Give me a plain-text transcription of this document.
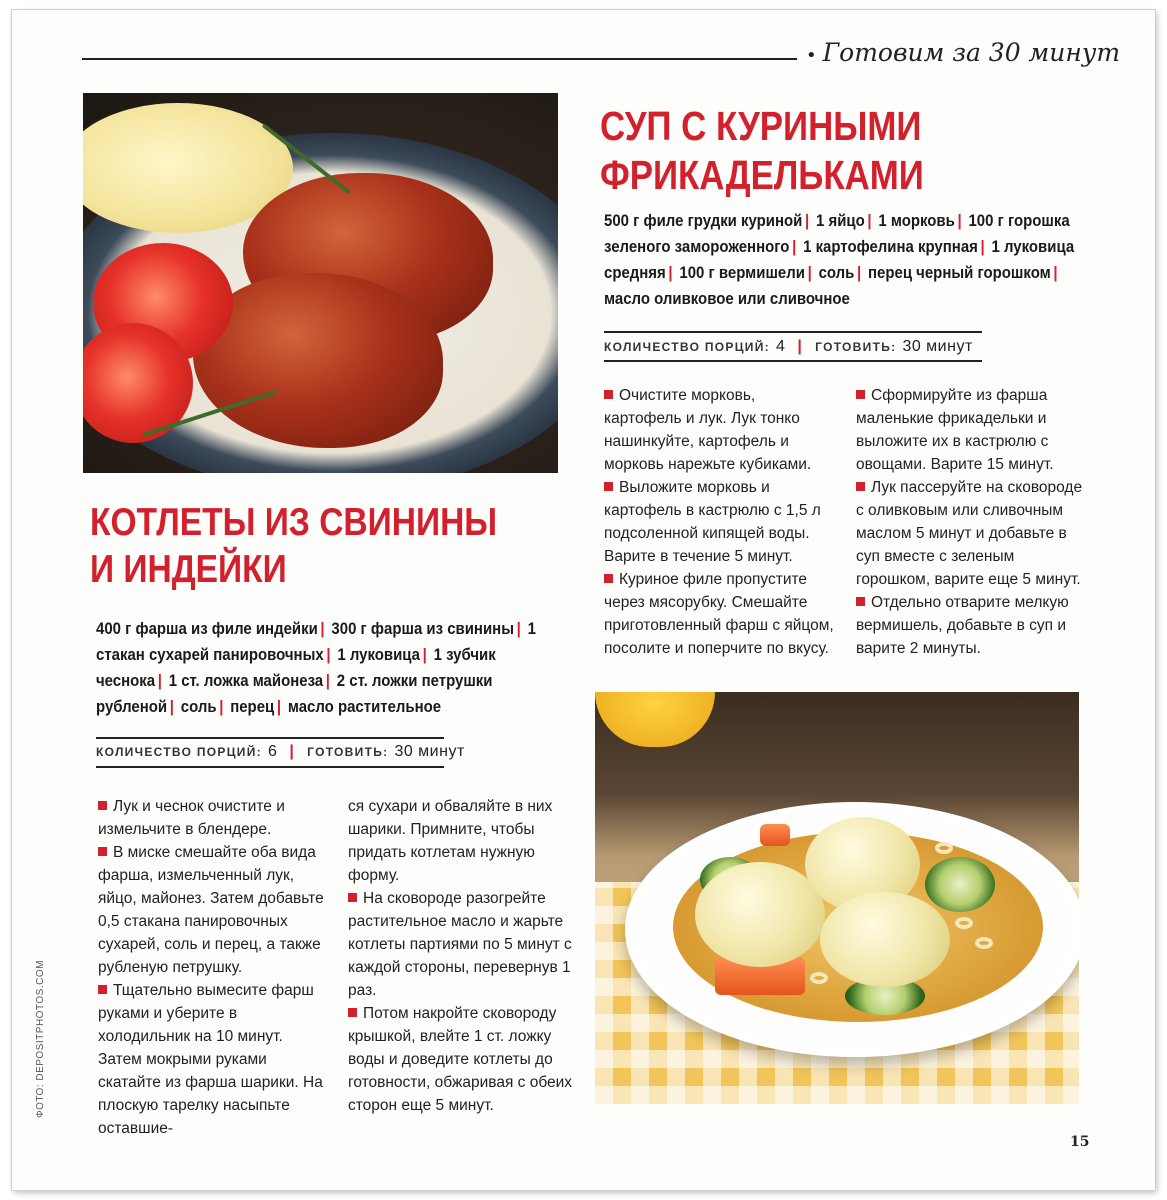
• Готовим за 30 минут
СУП С КУРИНЫМИ
ФРИКАДЕЛЬКАМИ
500 г филе грудки куриной | 1 яйцо | 1 морковь | 100 г горошка зеленого замороженного | 1 картофелина крупная | 1 луковица средняя | 100 г вермишели | соль | перец черный горошком | масло оливковое или сливочное
КОЛИЧЕСТВО ПОРЦИЙ: 4 | ГОТОВИТЬ: 30 минут

Очистите морковь, картофель и лук. Лук тонко нашинкуйте, картофель и морковь нарежьте кубиками.

Выложите морковь и картофель в кастрюлю с 1,5 л подсоленной кипящей воды. Варите в течение 5 минут.

Куриное филе пропустите через мясорубку. Смешайте приготовленный фарш с яйцом, посолите и поперчите по вкусу.

Сформируйте из фарша маленькие фрикадельки и выложите их в кастрюлю с овощами. Варите 15 минут.

Лук пассеруйте на сковороде с оливковым или сливочным маслом 5 минут и добавьте в суп вместе с зеленым горошком, варите еще 5 минут.

Отдельно отварите мелкую вермишель, добавьте в суп и варите 2 минуты.

КОТЛЕТЫ ИЗ СВИНИНЫ
И ИНДЕЙКИ
400 г фарша из филе индейки | 300 г фарша из свинины | 1 стакан сухарей панировочных | 1 луковица | 1 зубчик чеснока | 1 ст. ложка майонеза | 2 ст. ложки петрушки рубленой | соль | перец | масло растительное
КОЛИЧЕСТВО ПОРЦИЙ: 6 | ГОТОВИТЬ: 30 минут

Лук и чеснок очистите и измельчите в блендере.

В миске смешайте оба вида фарша, измельченный лук, яйцо, майонез. Затем добавьте 0,5 стакана панировочных сухарей, соль и перец, а также рубленую петрушку.

Тщательно вымесите фарш руками и уберите в холодильник на 10 минут. Затем мокрыми руками скатайте из фарша шарики. На плоскую тарелку насыпьте оставшие-

ся сухари и обваляйте в них шарики. Примните, чтобы придать котлетам нужную форму.

На сковороде разогрейте растительное масло и жарьте котлеты партиями по 5 минут с каждой стороны, перевернув 1 раз.

Потом накройте сковороду крышкой, влейте 1 ст. ложку воды и доведите котлеты до готовности, обжаривая с обеих сторон еще 5 минут.

ФОТО: DEPOSITPHOTOS.COM
15
